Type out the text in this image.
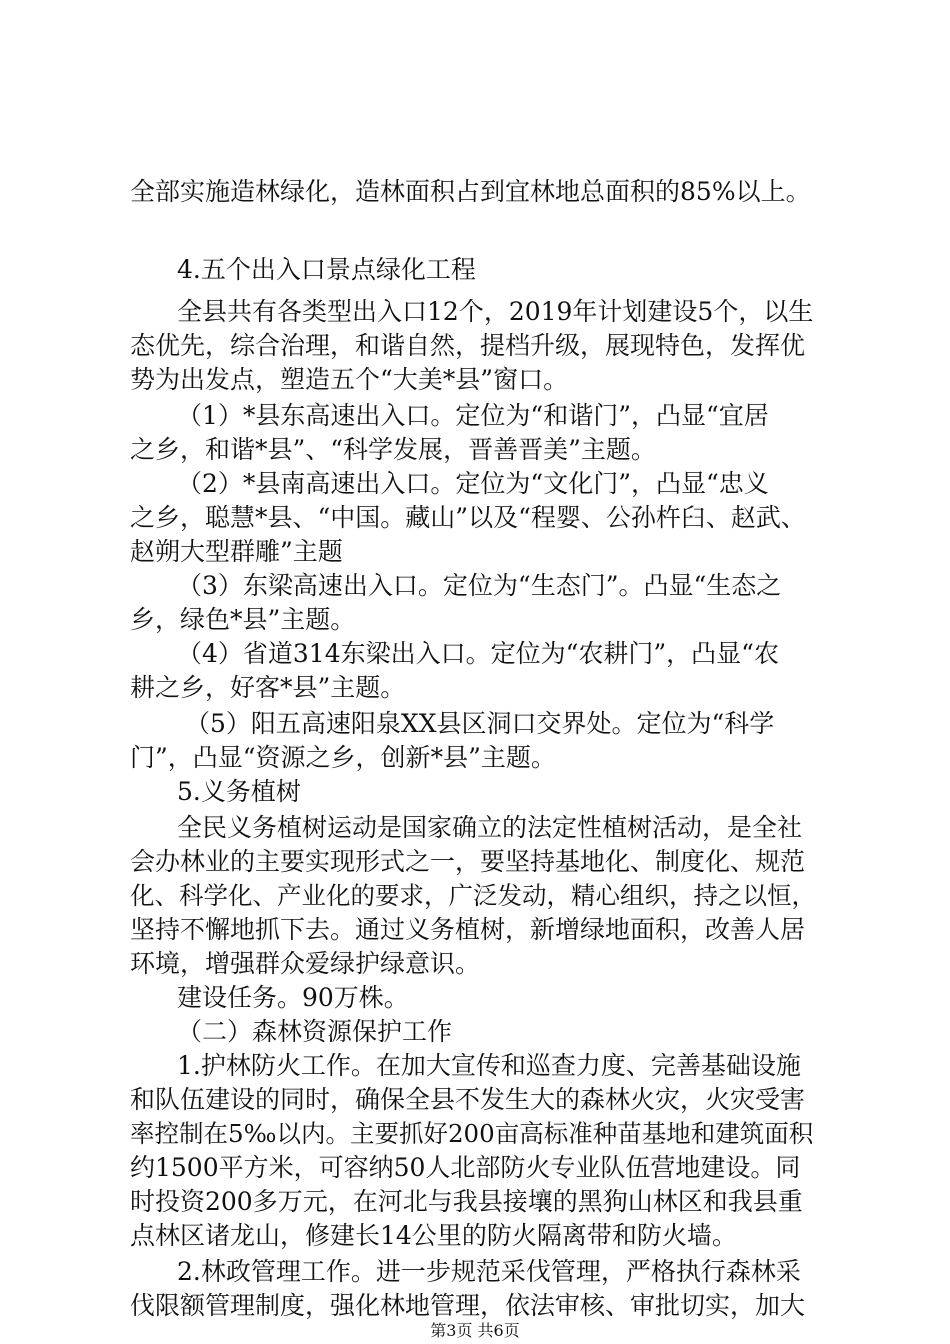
全部实施造林绿化，造林面积占到宜林地总面积的85%以上。
4.五个出入口景点绿化工程
全县共有各类型出入口12个，2019年计划建设5个，以生
态优先，综合治理，和谐自然，提档升级，展现特色，发挥优
势为出发点，塑造五个“大美*县”窗口。
（1）*县东高速出入口。定位为“和谐门”，凸显“宜居
之乡，和谐*县”、“科学发展，晋善晋美”主题。
（2）*县南高速出入口。定位为“文化门”，凸显“忠义
之乡，聪慧*县、“中国。藏山”以及“程婴、公孙杵臼、赵武、
赵朔大型群雕”主题
（3）东梁高速出入口。定位为“生态门”。凸显“生态之
乡，绿色*县”主题。
（4）省道314东梁出入口。定位为“农耕门”，凸显“农
耕之乡，好客*县”主题。
（5）阳五高速阳泉XX县区洞口交界处。定位为“科学
门”，凸显“资源之乡，创新*县”主题。
5.义务植树
全民义务植树运动是国家确立的法定性植树活动，是全社
会办林业的主要实现形式之一，要坚持基地化、制度化、规范
化、科学化、产业化的要求，广泛发动，精心组织，持之以恒，
坚持不懈地抓下去。通过义务植树，新增绿地面积，改善人居
环境，增强群众爱绿护绿意识。
建设任务。90万株。
（二）森林资源保护工作
1.护林防火工作。在加大宣传和巡查力度、完善基础设施
和队伍建设的同时，确保全县不发生大的森林火灾，火灾受害
率控制在5‰以内。主要抓好200亩高标准种苗基地和建筑面积
约1500平方米，可容纳50人北部防火专业队伍营地建设。同
时投资200多万元，在河北与我县接壤的黑狗山林区和我县重
点林区诸龙山，修建长14公里的防火隔离带和防火墙。
2.林政管理工作。进一步规范采伐管理，严格执行森林采
伐限额管理制度，强化林地管理，依法审核、审批切实，加大
第3页 共6页
